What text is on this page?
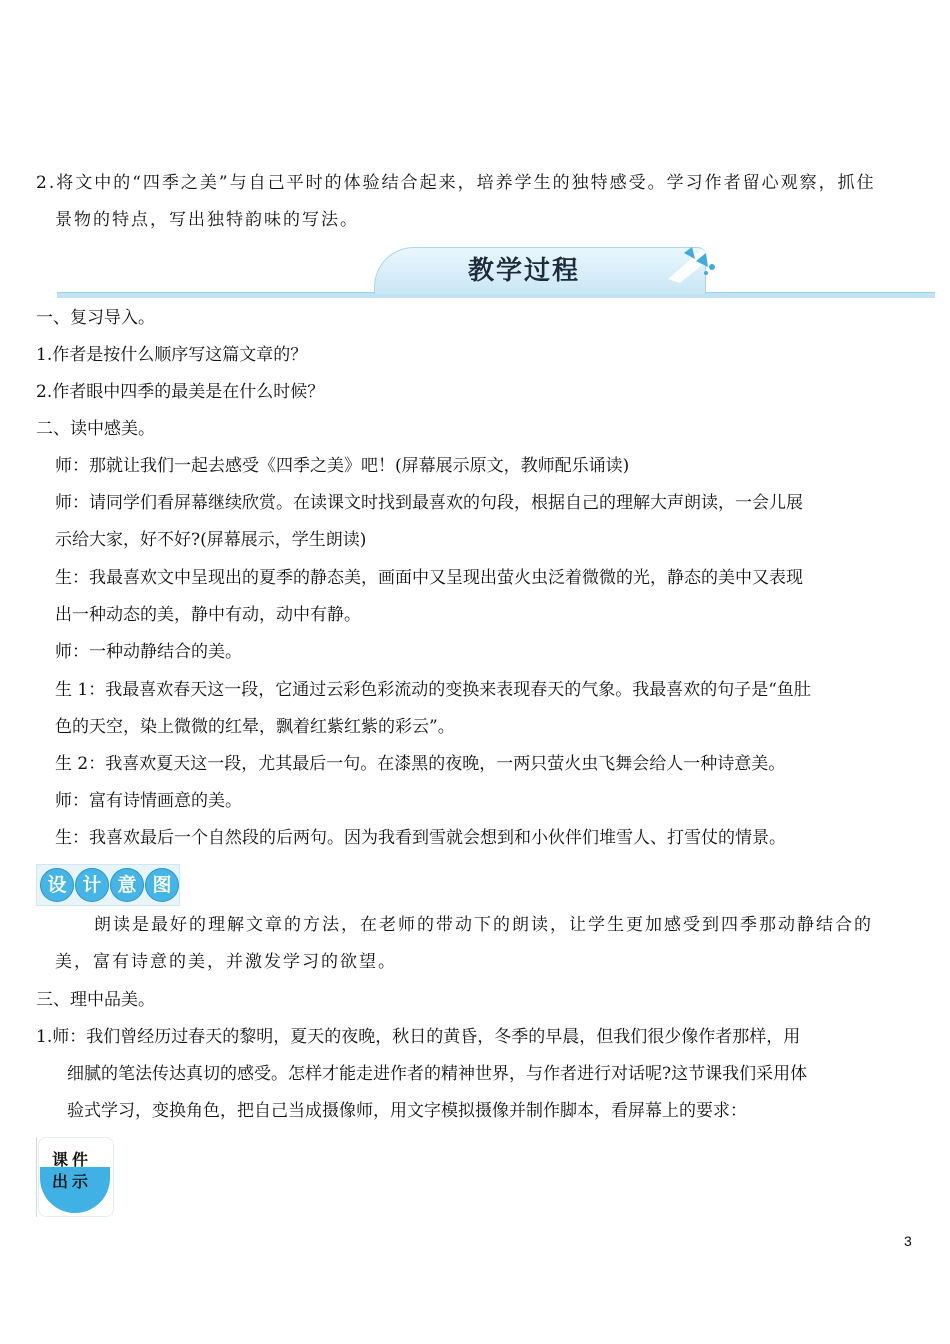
2.将文中的“四季之美”与自己平时的体验结合起来，培养学生的独特感受。学习作者留心观察，抓住
景物的特点，写出独特韵味的写法。
教学过程
一、复习导入。
1.作者是按什么顺序写这篇文章的？
2.作者眼中四季的最美是在什么时候？
二、读中感美。
师：那就让我们一起去感受《四季之美》吧！(屏幕展示原文，教师配乐诵读)
师：请同学们看屏幕继续欣赏。在读课文时找到最喜欢的句段，根据自己的理解大声朗读，一会儿展
示给大家，好不好?(屏幕展示，学生朗读)
生：我最喜欢文中呈现出的夏季的静态美，画面中又呈现出萤火虫泛着微微的光，静态的美中又表现
出一种动态的美，静中有动，动中有静。
师：一种动静结合的美。
生 1：我最喜欢春天这一段，它通过云彩色彩流动的变换来表现春天的气象。我最喜欢的句子是“鱼肚
色的天空，染上微微的红晕，飘着红紫红紫的彩云”。
生 2：我喜欢夏天这一段，尤其最后一句。在漆黑的夜晚，一两只萤火虫飞舞会给人一种诗意美。
师：富有诗情画意的美。
生：我喜欢最后一个自然段的后两句。因为我看到雪就会想到和小伙伴们堆雪人、打雪仗的情景。
设 计 意 图
朗读是最好的理解文章的方法，在老师的带动下的朗读，让学生更加感受到四季那动静结合的
美，富有诗意的美，并激发学习的欲望。
三、理中品美。
1.师：我们曾经历过春天的黎明，夏天的夜晚，秋日的黄昏，冬季的早晨，但我们很少像作者那样，用
细腻的笔法传达真切的感受。怎样才能走进作者的精神世界，与作者进行对话呢?这节课我们采用体
验式学习，变换角色，把自己当成摄像师，用文字模拟摄像并制作脚本，看屏幕上的要求：
课件
出示
3
